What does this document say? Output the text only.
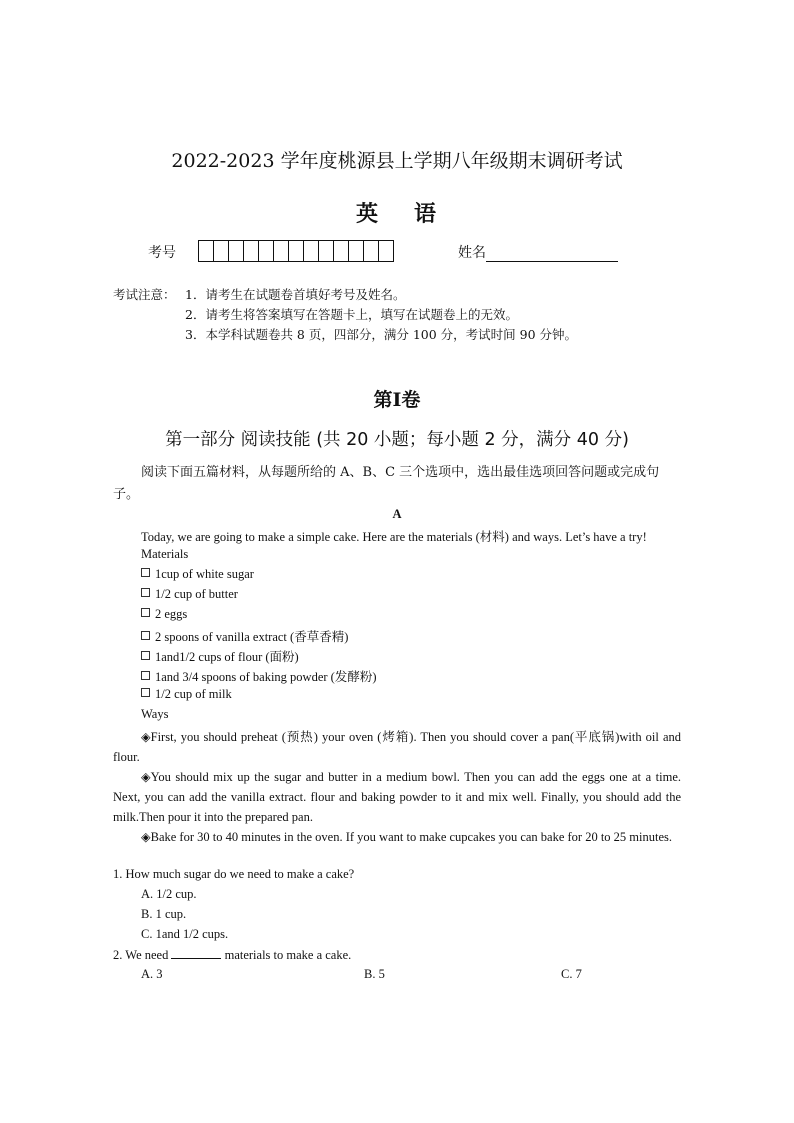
2022-2023 学年度桃源县上学期八年级期末调研考试
英 语
考号	姓名
考试注意： 1．请考生在试题卷首填好考号及姓名。
2．请考生将答案填写在答题卡上，填写在试题卷上的无效。
3．本学科试题卷共 8 页，四部分，满分 100 分，考试时间 90 分钟。
第Ⅰ卷
第一部分 阅读技能 (共 20 小题；每小题 2 分，满分 40 分)
阅读下面五篇材料，从每题所给的 A、B、C 三个选项中，选出最佳选项回答问题或完成句子。
A
Today, we are going to make a simple cake. Here are the materials (材料) and ways. Let’s have a try!
Materials
1cup of white sugar
1/2 cup of butter
2 eggs
2 spoons of vanilla extract (香草香精)
1and1/2 cups of flour (面粉)
1and 3/4 spoons of baking powder (发酵粉)
1/2 cup of milk
Ways
◈First, you should preheat (预热) your oven (烤箱). Then you should cover a pan(平底锅)with oil and flour.
◈You should mix up the sugar and butter in a medium bowl. Then you can add the eggs one at a time. Next, you can add the vanilla extract. flour and baking powder to it and mix well. Finally, you should add the milk.Then pour it into the prepared pan.
◈Bake for 30 to 40 minutes in the oven. If you want to make cupcakes you can bake for 20 to 25 minutes.
1. How much sugar do we need to make a cake?
A. 1/2 cup.
B. 1 cup.
C. 1and 1/2 cups.
2. We need	materials to make a cake.
A. 3	B. 5	C. 7
